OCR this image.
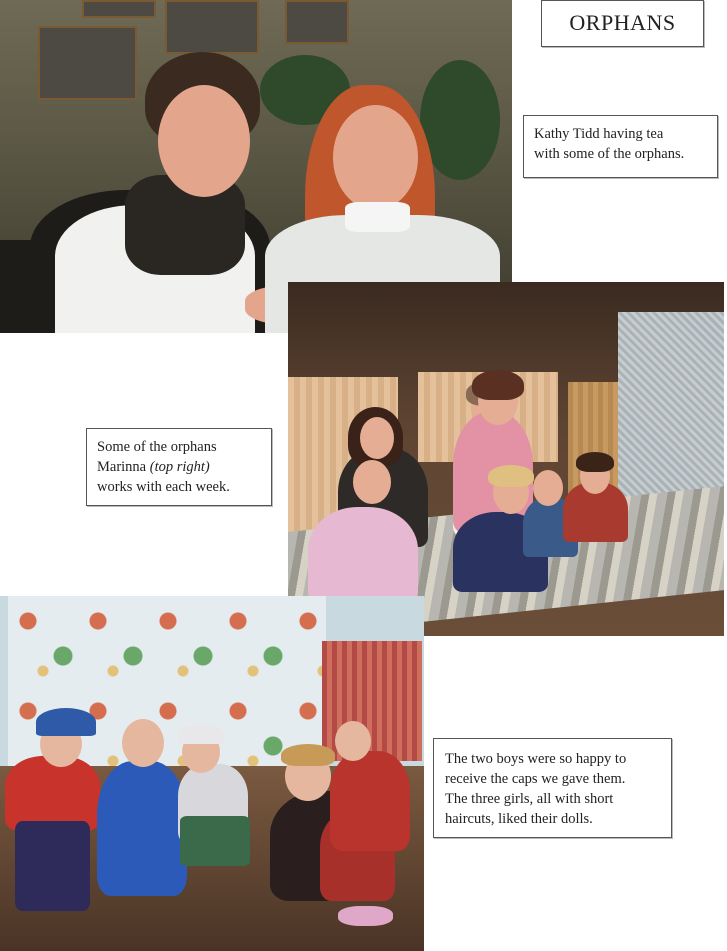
ORPHANS
Kathy Tidd having tea
with some of the orphans.
Some of the orphans
Marinna (top right)
works with each week.
The two boys were so happy to
receive the caps we gave them.
The three girls, all with short
haircuts, liked their dolls.
